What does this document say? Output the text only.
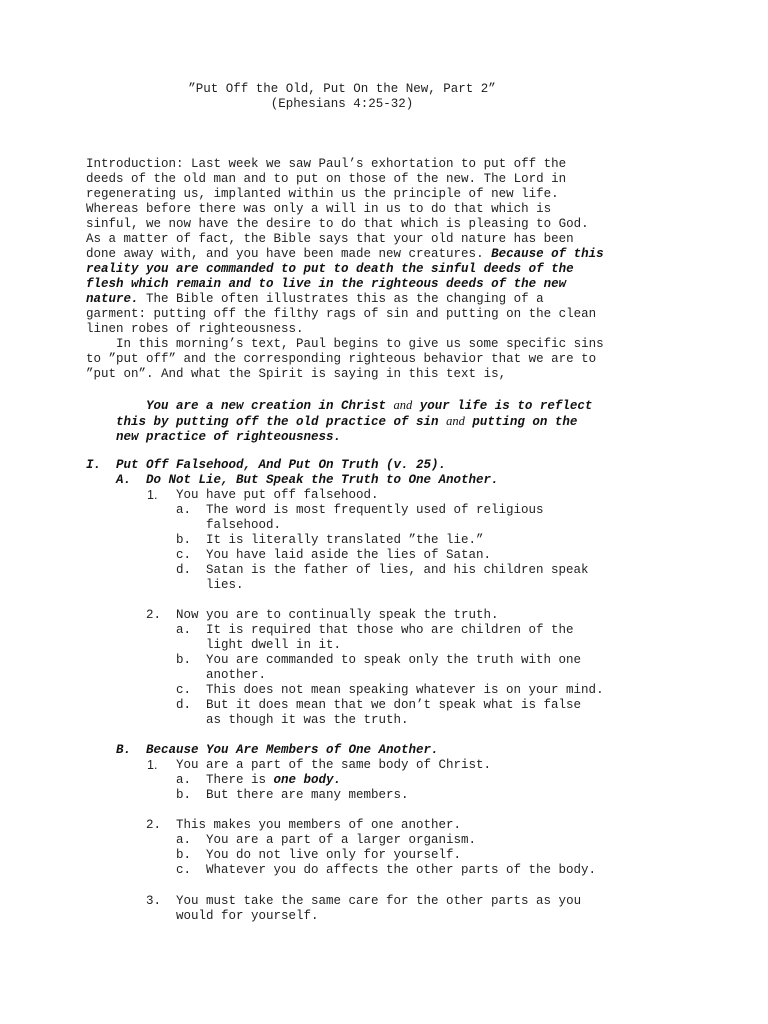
”Put Off the Old, Put On the New, Part 2”
(Ephesians 4:25-32)

Introduction: Last week we saw Paul’s exhortation to put off the deeds of the old man and to put on those of the new. The Lord in regenerating us, implanted within us the principle of new life. Whereas before there was only a will in us to do that which is sinful, we now have the desire to do that which is pleasing to God. As a matter of fact, the Bible says that your old nature has been done away with, and you have been made new creatures. Because of this reality you are commanded to put to death the sinful deeds of the flesh which remain and to live in the righteous deeds of the new nature. The Bible often illustrates this as the changing of a garment: putting off the filthy rags of sin and putting on the clean linen robes of righteousness.

In this morning’s text, Paul begins to give us some specific sins to ”put off” and the corresponding righteous behavior that we are to ”put on”. And what the Spirit is saying in this text is,

You are a new creation in Christ and your life is to reflect this by putting off the old practice of sin and putting on the new practice of righteousness.
I. Put Off Falsehood, And Put On Truth (v. 25).
A. Do Not Lie, But Speak the Truth to One Another.
1. You have put off falsehood.
a. The word is most frequently used of religious
falsehood.
b. It is literally translated ”the lie.”
c. You have laid aside the lies of Satan.
d. Satan is the father of lies, and his children speak
lies.
2. Now you are to continually speak the truth.
a. It is required that those who are children of the
light dwell in it.
b. You are commanded to speak only the truth with one
another.
c. This does not mean speaking whatever is on your mind.
d. But it does mean that we don’t speak what is false
as though it was the truth.
B. Because You Are Members of One Another.
1. You are a part of the same body of Christ.
a. There is one body.
b. But there are many members.
2. This makes you members of one another.
a. You are a part of a larger organism.
b. You do not live only for yourself.
c. Whatever you do affects the other parts of the body.
3. You must take the same care for the other parts as you
would for yourself.
